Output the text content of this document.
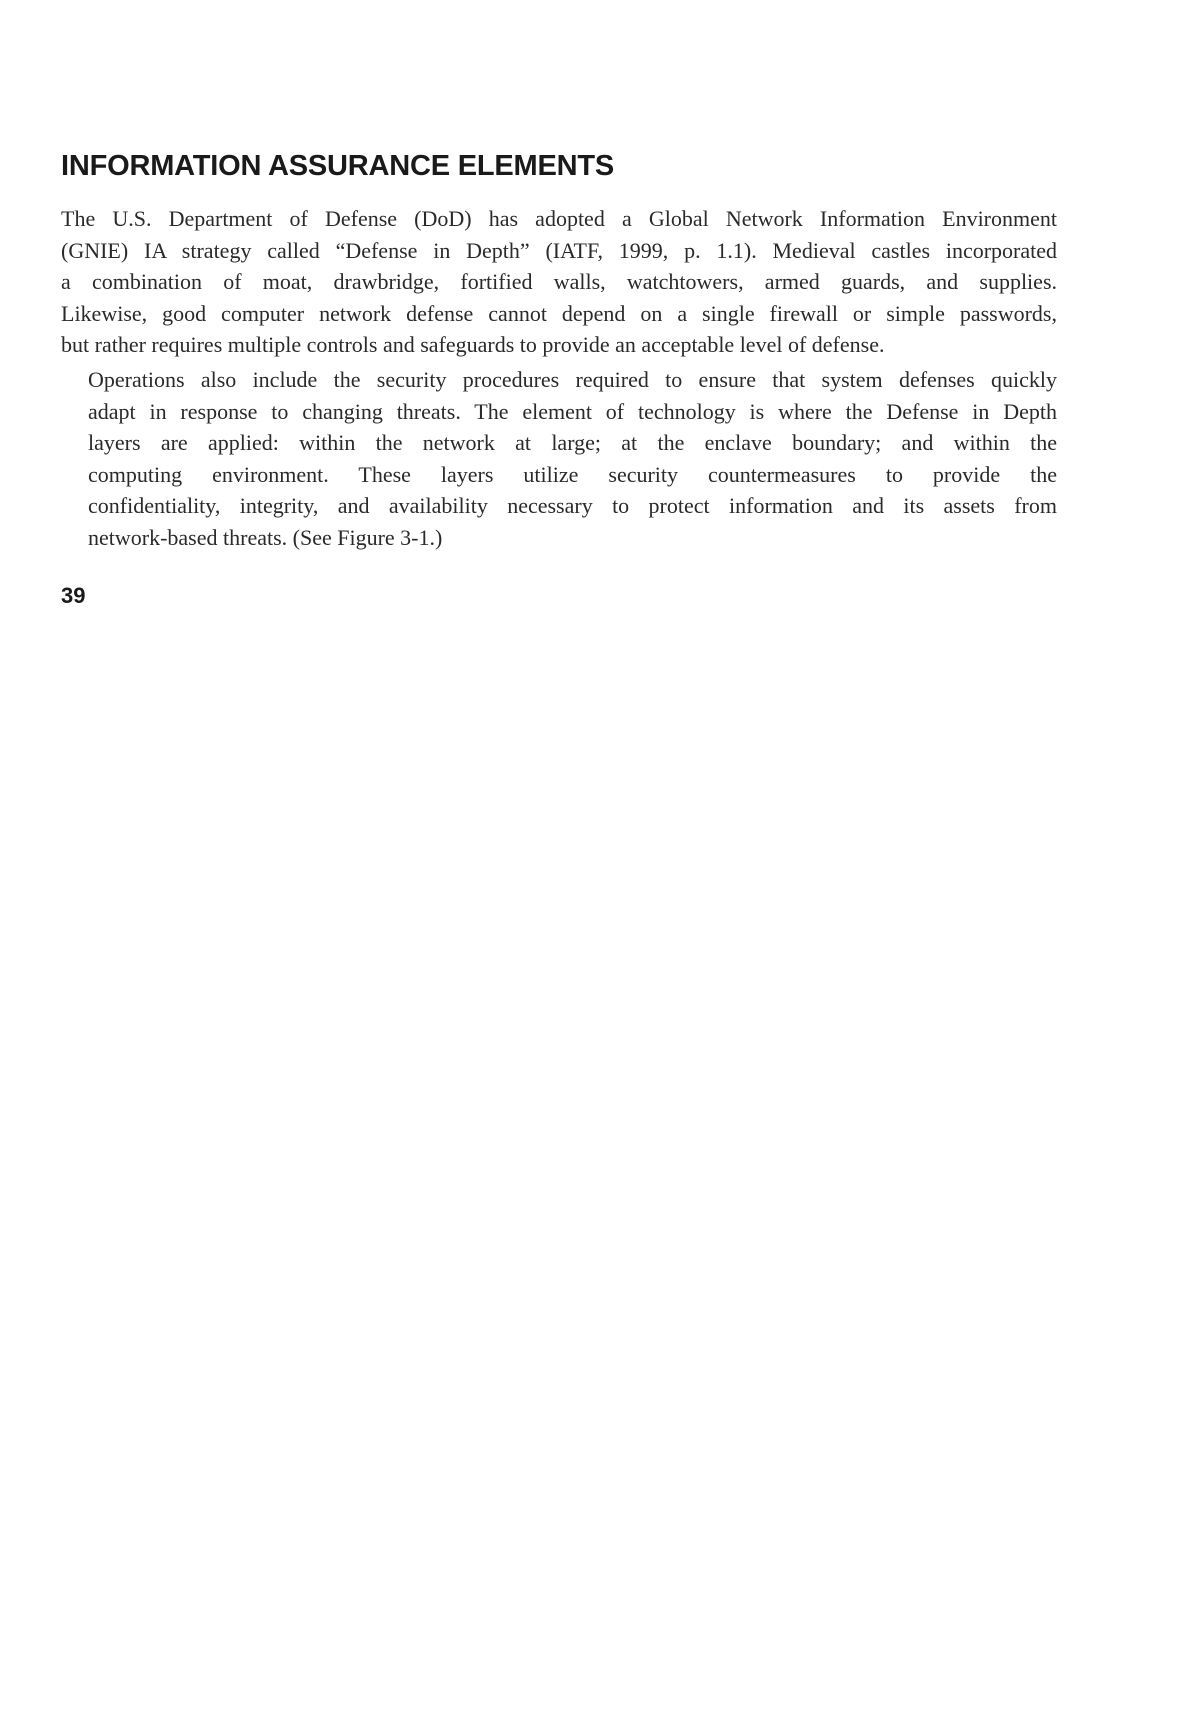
INFORMATION ASSURANCE ELEMENTS

The U.S. Department of Defense (DoD) has adopted a Global Network Information Environment
(GNIE) IA strategy called “Defense in Depth” (IATF, 1999, p. 1.1). Medieval castles incorporated
a combination of moat, drawbridge, fortified walls, watchtowers, armed guards, and supplies.
Likewise, good computer network defense cannot depend on a single firewall or simple passwords,
but rather requires multiple controls and safeguards to provide an acceptable level of defense.

Operations also include the security procedures required to ensure that system defenses quickly
adapt in response to changing threats. The element of technology is where the Defense in Depth
layers are applied: within the network at large; at the enclave boundary; and within the
computing environment. These layers utilize security countermeasures to provide the
confidentiality, integrity, and availability necessary to protect information and its assets from
network-based threats. (See Figure 3-1.)

39
